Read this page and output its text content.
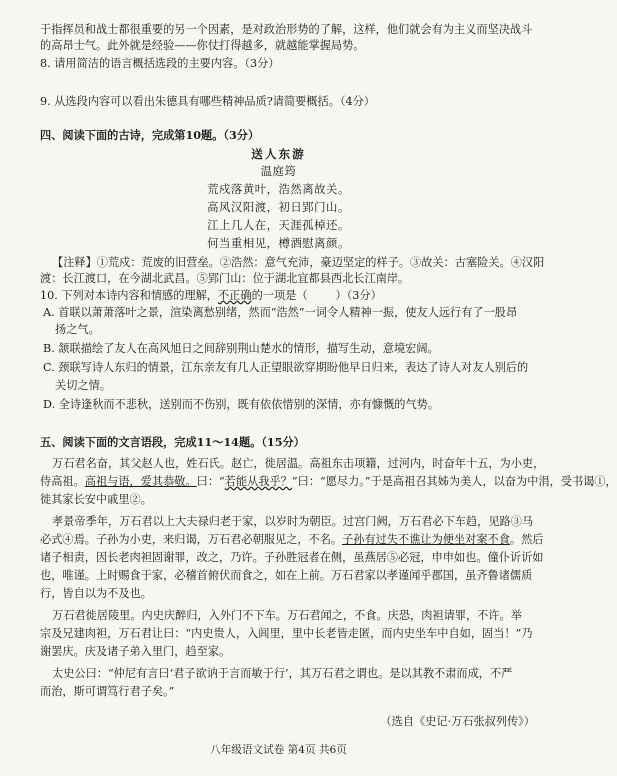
于指挥员和战士都很重要的另一个因素，是对政治形势的了解，这样，他们就会有为主义而坚决战斗
的高昂士气。此外就是经验——你仗打得越多，就越能掌握局势。
8. 请用简洁的语言概括选段的主要内容。（3分）
9. 从选段内容可以看出朱德具有哪些精神品质?请简要概括。（4分）
四、阅读下面的古诗，完成第10题。（3分）
送人东游
温庭筠
荒戍落黄叶，浩然离故关。
高风汉阳渡，初日郢门山。
江上几人在，天涯孤棹还。
何当重相见，樽酒慰离颜。
【注释】①荒戍：荒废的旧营垒。②浩然：意气充沛，豪迈坚定的样子。③故关：古塞险关。④汉阳
渡：长江渡口，在今湖北武昌。⑤郢门山：位于湖北宜都县西北长江南岸。
10. 下列对本诗内容和情感的理解，不正确的一项是（	）（3分）
A. 首联以萧萧落叶之景，渲染离愁别绪，然而“浩然”一词令人精神一振，使友人远行有了一股昂
扬之气。
B. 颔联描绘了友人在高风旭日之间辞别荆山楚水的情形，描写生动，意境宏阔。
C. 颈联写诗人东归的情景，江东亲友有几人正望眼欲穿期盼他早日归来，表达了诗人对友人别后的
关切之情。
D. 全诗逢秋而不悲秋，送别而不伤别，既有依依惜别的深情，亦有慷慨的气势。
五、阅读下面的文言语段，完成11～14题。（15分）
万石君名奋，其父赵人也，姓石氏。赵亡，徙居温。高祖东击项籍，过河内，时奋年十五，为小吏，
侍高祖。高祖与语，爱其恭敬。曰：“若能从我乎？”曰：“愿尽力。”于是高祖召其姊为美人，以奋为中涓，受书谒①，
徙其家长安中戚里②。
孝景帝季年，万石君以上大夫禄归老于家，以岁时为朝臣。过宫门阙，万石君必下车趋，见路③马
必式④焉。子孙为小吏，来归谒，万石君必朝服见之，不名。子孙有过失不谯让为便坐对案不食。然后
诸子相责，因长老肉袒固谢罪，改之，乃许。子孙胜冠者在侧，虽燕居⑤必冠，申申如也。僮仆䜣䜣如
也，唯谨。上时赐食于家，必稽首俯伏而食之，如在上前。万石君家以孝谨闻乎郡国，虽齐鲁诸儒质
行，皆自以为不及也。
万石君徙居陵里。内史庆醉归，入外门不下车。万石君闻之，不食。庆恐，肉袒请罪，不许。举
宗及兄建肉袒，万石君让曰：“内史贵人，入闾里，里中长老皆走匿，而内史坐车中自如，固当！”乃
谢罢庆。庆及诸子弟入里门，趋至家。
太史公曰：“仲尼有言曰‘君子欲讷于言而敏于行’，其万石君之谓也。是以其教不肃而成，不严
而治，斯可谓笃行君子矣。”
（选自《史记·万石张叔列传》）
八年级语文试卷 第4页 共6页
